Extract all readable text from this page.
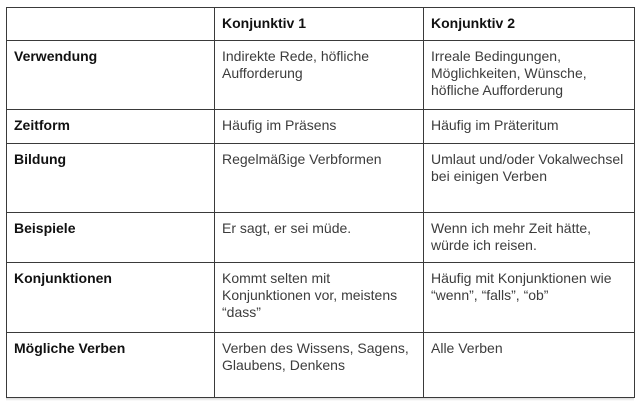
	Konjunktiv 1	Konjunktiv 2
Verwendung	Indirekte Rede, höfliche Aufforderung	Irreale Bedingungen, Möglichkeiten, Wünsche, höfliche Aufforderung
Zeitform	Häufig im Präsens	Häufig im Präteritum
Bildung	Regelmäßige Verbformen	Umlaut und/oder Vokalwechsel bei einigen Verben
Beispiele	Er sagt, er sei müde.	Wenn ich mehr Zeit hätte, würde ich reisen.
Konjunktionen	Kommt selten mit Konjunktionen vor, meistens “dass”	Häufig mit Konjunktionen wie “wenn”, “falls”, “ob”
Mögliche Verben	Verben des Wissens, Sagens, Glaubens, Denkens	Alle Verben
